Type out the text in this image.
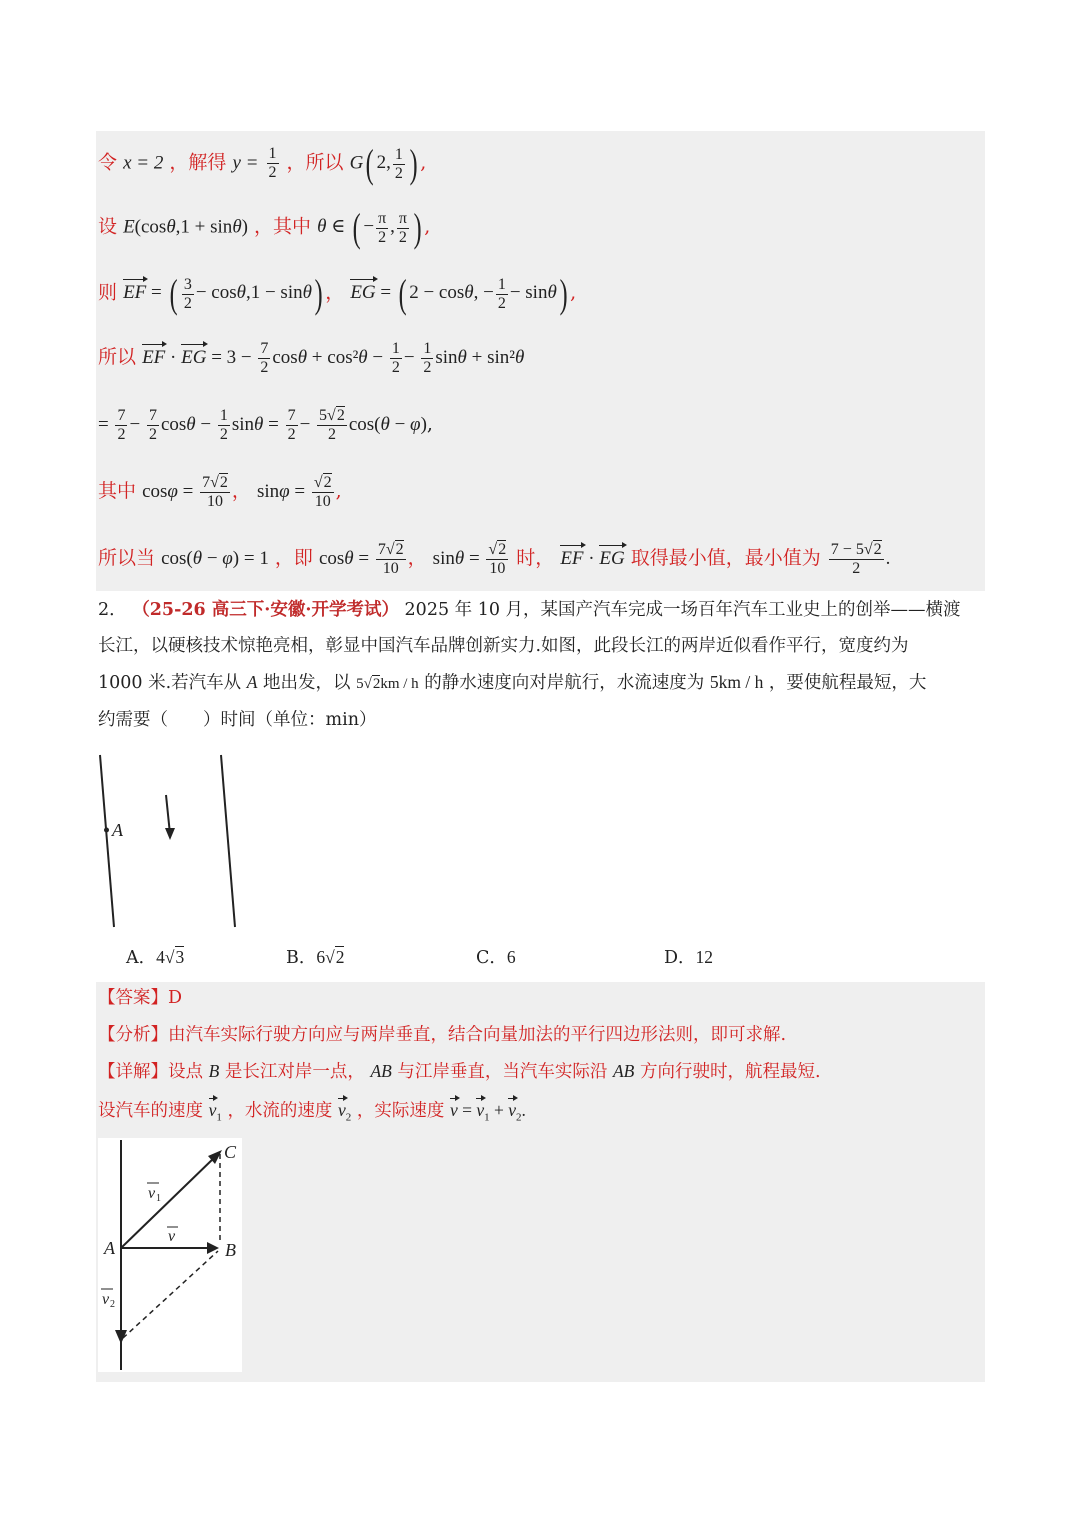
令 x = 2 ，解得 $y = \frac{1}{2}$ ，所以 G( 2, $\frac{1}{2}$ ) ,
设 E(cosθ,1 + sinθ) ，其中 θ ∈ ( − $\frac{\pi}{2}$ , $\frac{\pi}{2}$ ) ,
则 EF = ( $\frac{3}{2} - \cos\theta,1 - \sin\theta$) ， EG = ( 2 − cosθ, − $\frac{1}{2} - \sin\theta$) ,
所以 EF · EG = $3 - \frac{7}{2}$ $\cos\theta + \cos^2\theta - \frac{1}{2} - \frac{1}{2}$ sinθ + sin²θ
= $\frac{7}{2} - \frac{7}{2}$ $\cos\theta - \frac{1}{2}$ $\sin\theta = \frac{7}{2} - \frac{5√2}{2} \cos(\theta - \varphi)$,
其中 $\cos\varphi = \frac{7√2}{10}$ ， $\sin\varphi = \frac{√2}{10}$ ,
所以当 cos(θ − φ) = 1 ，即 $\cos\theta = \frac{7√2}{10}$ ， $\sin\theta = \frac{√2}{10}$ 时， EF · EG 取得最小值，最小值为 $\frac{7 - 5√2}{2}$ .
2． （25-26 高三下·安徽·开学考试） 2025 年 10 月，某国产汽车完成一场百年汽车工业史上的创举——横渡
长江，以硬核技术惊艳亮相，彰显中国汽车品牌创新实力.如图，此段长江的两岸近似看作平行，宽度约为
1000 米.若汽车从 A 地出发，以 5√2km / h 的静水速度向对岸航行，水流速度为 5km / h ，要使航程最短，大
约需要（　　）时间（单位：min）
A
A．4√3	B．6√2	C．6	D．12
【答案】D
【分析】由汽车实际行驶方向应与两岸垂直，结合向量加法的平行四边形法则，即可求解.
【详解】设点 B 是长江对岸一点， AB 与江岸垂直，当汽车实际沿 AB 方向行驶时，航程最短.
设汽车的速度 $v_1$ ，水流的速度 $v_2$ ，实际速度 $v = v_1 + v_2$.
A	B
C
v 1
v
v 2
